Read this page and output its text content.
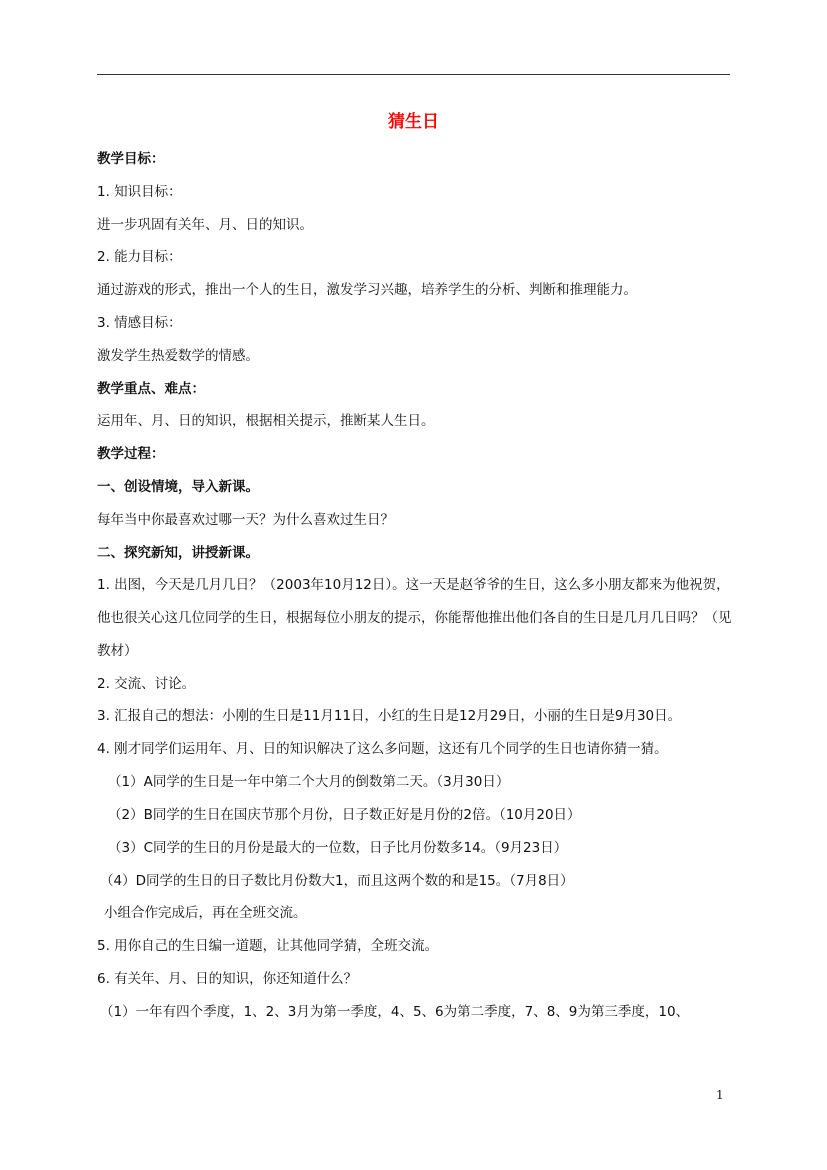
猜生日
教学目标：
1. 知识目标：
进一步巩固有关年、月、日的知识。
2. 能力目标：
通过游戏的形式，推出一个人的生日，激发学习兴趣，培养学生的分析、判断和推理能力。
3. 情感目标：
激发学生热爱数学的情感。
教学重点、难点：
运用年、月、日的知识，根据相关提示，推断某人生日。
教学过程：
一、创设情境，导入新课。
每年当中你最喜欢过哪一天？为什么喜欢过生日？
二、探究新知，讲授新课。
1. 出图，今天是几月几日？（2003年10月12日）。这一天是赵爷爷的生日，这么多小朋友都来为他祝贺，他也很关心这几位同学的生日，根据每位小朋友的提示，你能帮他推出他们各自的生日是几月几日吗？（见教材）
2. 交流、讨论。
3. 汇报自己的想法：小刚的生日是11月11日，小红的生日是12月29日，小丽的生日是9月30日。
4. 刚才同学们运用年、月、日的知识解决了这么多问题，这还有几个同学的生日也请你猜一猜。
（1）A同学的生日是一年中第二个大月的倒数第二天。（3月30日）
（2）B同学的生日在国庆节那个月份，日子数正好是月份的2倍。（10月20日）
（3）C同学的生日的月份是最大的一位数，日子比月份数多14。（9月23日）
（4）D同学的生日的日子数比月份数大1，而且这两个数的和是15。（7月8日）
小组合作完成后，再在全班交流。
5. 用你自己的生日编一道题，让其他同学猜，全班交流。
6. 有关年、月、日的知识，你还知道什么？
（1）一年有四个季度，1、2、3月为第一季度，4、5、6为第二季度，7、8、9为第三季度，10、
1
